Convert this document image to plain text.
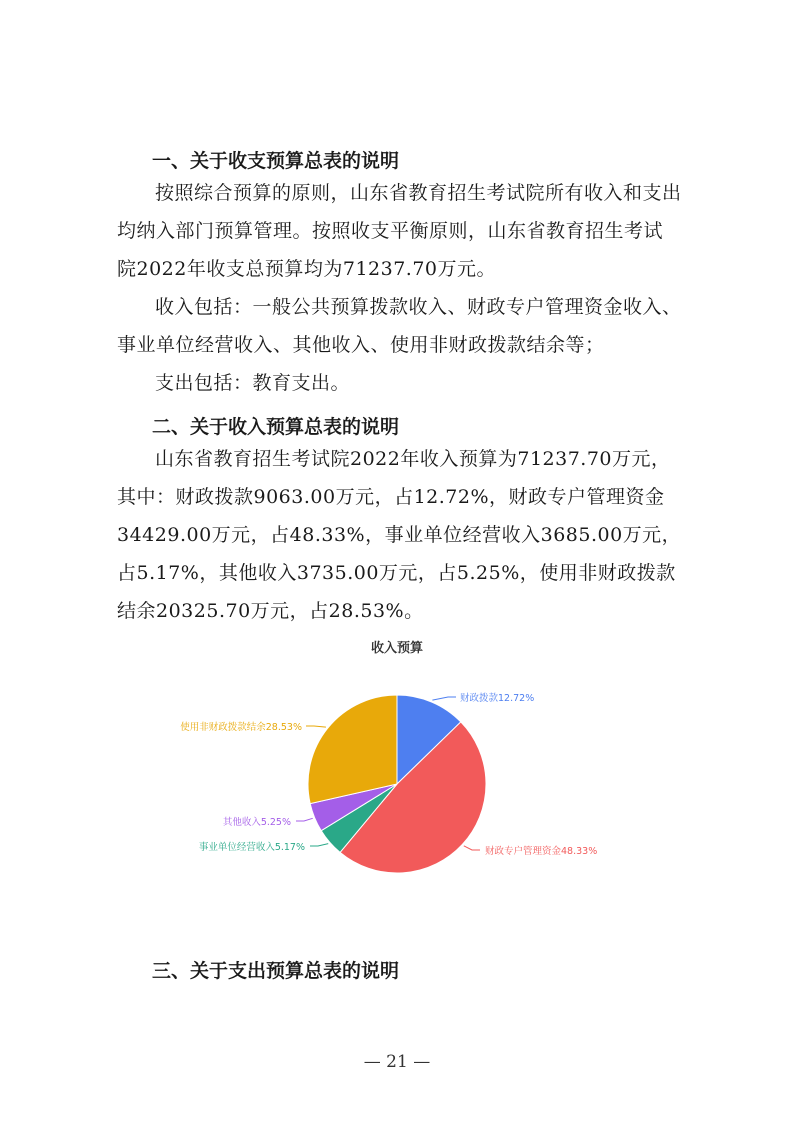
一、关于收支预算总表的说明

按照综合预算的原则，山东省教育招生考试院所有收入和支出均纳入部门预算管理。按照收支平衡原则，山东省教育招生考试院2022年收支总预算均为71237.70万元。

收入包括：一般公共预算拨款收入、财政专户管理资金收入、事业单位经营收入、其他收入、使用非财政拨款结余等；

支出包括：教育支出。

二、关于收入预算总表的说明

山东省教育招生考试院2022年收入预算为71237.70万元，其中：财政拨款9063.00万元，占12.72%，财政专户管理资金34429.00万元，占48.33%，事业单位经营收入3685.00万元，占5.17%，其他收入3735.00万元，占5.25%，使用非财政拨款结余20325.70万元，占28.53%。

收入预算
财政拨款12.72%
财政专户管理资金48.33%
事业单位经营收入5.17%
其他收入5.25%
使用非财政拨款结余28.53%
三、关于支出预算总表的说明
— 21 —
